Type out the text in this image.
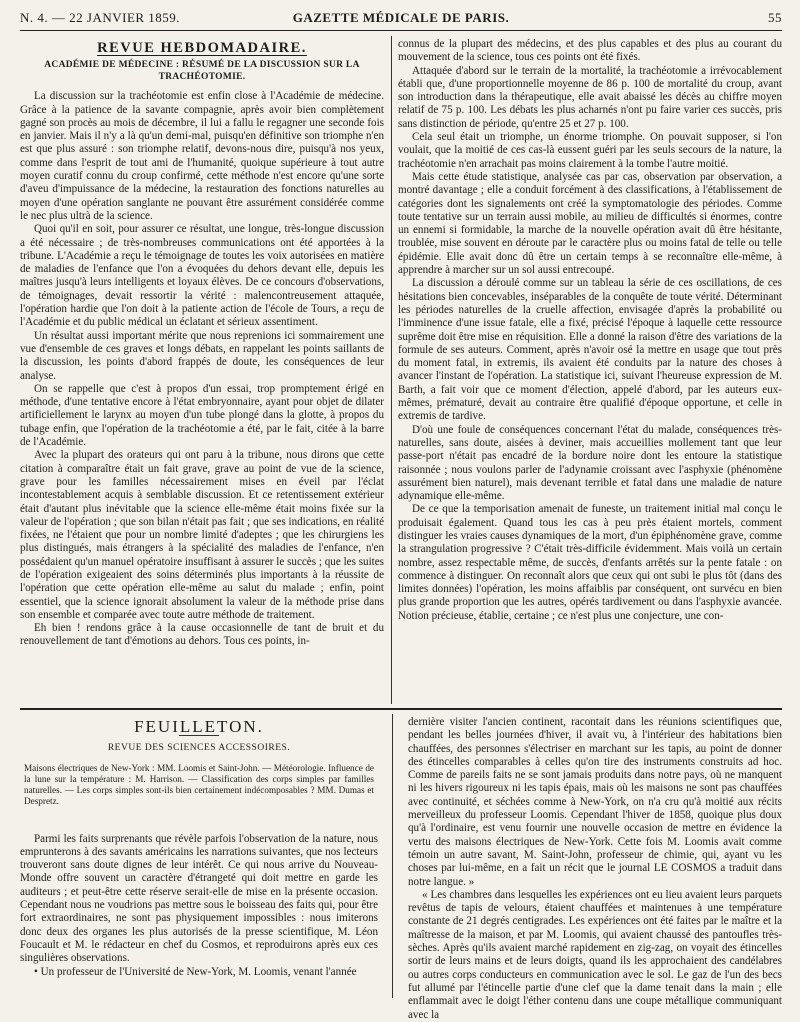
N. 4. — 22 JANVIER 1859.	GAZETTE MÉDICALE DE PARIS.	55
REVUE HEBDOMADAIRE.
ACADÉMIE DE MÉDECINE : RÉSUMÉ DE LA DISCUSSION SUR LA TRACHÉOTOMIE.

La discussion sur la trachéotomie est enfin close à l'Académie de médecine. Grâce à la patience de la savante compagnie, après avoir bien complètement gagné son procès au mois de décembre, il lui a fallu le regagner une seconde fois en janvier. Mais il n'y a là qu'un demi-mal, puisqu'en définitive son triomphe n'en est que plus assuré : son triomphe relatif, devons-nous dire, puisqu'à nos yeux, comme dans l'esprit de tout ami de l'humanité, quoique supérieure à tout autre moyen curatif connu du croup confirmé, cette méthode n'est encore qu'une sorte d'aveu d'impuissance de la médecine, la restauration des fonctions naturelles au moyen d'une opération sanglante ne pouvant être assurément considérée comme le nec plus ultrà de la science.

Quoi qu'il en soit, pour assurer ce résultat, une longue, très-longue discussion a été nécessaire ; de très-nombreuses communications ont été apportées à la tribune. L'Académie a reçu le témoignage de toutes les voix autorisées en matière de maladies de l'enfance que l'on a évoquées du dehors devant elle, depuis les maîtres jusqu'à leurs intelligents et loyaux élèves. De ce concours d'observations, de témoignages, devait ressortir la vérité : malencontreusement attaquée, l'opération hardie que l'on doit à la patiente action de l'école de Tours, a reçu de l'Académie et du public médical un éclatant et sérieux assentiment.

Un résultat aussi important mérite que nous reprenions ici sommairement une vue d'ensemble de ces graves et longs débats, en rappelant les points saillants de la discussion, les points d'abord frappés de doute, les conséquences de leur analyse.

On se rappelle que c'est à propos d'un essai, trop promptement érigé en méthode, d'une tentative encore à l'état embryonnaire, ayant pour objet de dilater artificiellement le larynx au moyen d'un tube plongé dans la glotte, à propos du tubage enfin, que l'opération de la trachéotomie a été, par le fait, citée à la barre de l'Académie.

Avec la plupart des orateurs qui ont paru à la tribune, nous dirons que cette citation à comparaître était un fait grave, grave au point de vue de la science, grave pour les familles nécessairement mises en éveil par l'éclat incontestablement acquis à semblable discussion. Et ce retentissement extérieur était d'autant plus inévitable que la science elle-même était moins fixée sur la valeur de l'opération ; que son bilan n'était pas fait ; que ses indications, en réalité fixées, ne l'étaient que pour un nombre limité d'adeptes ; que les chirurgiens les plus distingués, mais étrangers à la spécialité des maladies de l'enfance, n'en possédaient qu'un manuel opératoire insuffisant à assurer le succès ; que les suites de l'opération exigeaient des soins déterminés plus importants à la réussite de l'opération que cette opération elle-même au salut du malade ; enfin, point essentiel, que la science ignorait absolument la valeur de la méthode prise dans son ensemble et comparée avec toute autre méthode de traitement.

Eh bien ! rendons grâce à la cause occasionnelle de tant de bruit et du renouvellement de tant d'émotions au dehors. Tous ces points, in-

connus de la plupart des médecins, et des plus capables et des plus au courant du mouvement de la science, tous ces points ont été fixés.

Attaquée d'abord sur le terrain de la mortalité, la trachéotomie a irrévocablement établi que, d'une proportionnelle moyenne de 86 p. 100 de mortalité du croup, avant son introduction dans la thérapeutique, elle avait abaissé les décès au chiffre moyen relatif de 75 p. 100. Les débats les plus acharnés n'ont pu faire varier ces succès, pris sans distinction de période, qu'entre 25 et 27 p. 100.

Cela seul était un triomphe, un énorme triomphe. On pouvait supposer, si l'on voulait, que la moitié de ces cas-là eussent guéri par les seuls secours de la nature, la trachéotomie n'en arrachait pas moins clairement à la tombe l'autre moitié.

Mais cette étude statistique, analysée cas par cas, observation par observation, a montré davantage ; elle a conduit forcément à des classifications, à l'établissement de catégories dont les signalements ont créé la symptomatologie des périodes. Comme toute tentative sur un terrain aussi mobile, au milieu de difficultés si énormes, contre un ennemi si formidable, la marche de la nouvelle opération avait dû être hésitante, troublée, mise souvent en déroute par le caractère plus ou moins fatal de telle ou telle épidémie. Elle avait donc dû être un certain temps à se reconnaître elle-même, à apprendre à marcher sur un sol aussi entrecoupé.

La discussion a déroulé comme sur un tableau la série de ces oscillations, de ces hésitations bien concevables, inséparables de la conquête de toute vérité. Déterminant les périodes naturelles de la cruelle affection, envisagée d'après la probabilité ou l'imminence d'une issue fatale, elle a fixé, précisé l'époque à laquelle cette ressource suprême doit être mise en réquisition. Elle a donné la raison d'être des variations de la formule de ses auteurs. Comment, après n'avoir osé la mettre en usage que tout près du moment fatal, in extremis, ils avaient été conduits par la nature des choses à avancer l'instant de l'opération. La statistique ici, suivant l'heureuse expression de M. Barth, a fait voir que ce moment d'élection, appelé d'abord, par les auteurs eux-mêmes, prématuré, devait au contraire être qualifié d'époque opportune, et celle in extremis de tardive.

D'où une foule de conséquences concernant l'état du malade, conséquences très-naturelles, sans doute, aisées à deviner, mais accueillies mollement tant que leur passe-port n'était pas encadré de la bordure noire dont les entoure la statistique raisonnée ; nous voulons parler de l'adynamie croissant avec l'asphyxie (phénomène assurément bien naturel), mais devenant terrible et fatal dans une maladie de nature adynamique elle-même.

De ce que la temporisation amenait de funeste, un traitement initial mal conçu le produisait également. Quand tous les cas à peu près étaient mortels, comment distinguer les vraies causes dynamiques de la mort, d'un épiphénomène grave, comme la strangulation progressive ? C'était très-difficile évidemment. Mais voilà un certain nombre, assez respectable même, de succès, d'enfants arrêtés sur la pente fatale : on commence à distinguer. On reconnaît alors que ceux qui ont subi le plus tôt (dans des limites données) l'opération, les moins affaiblis par conséquent, ont survécu en bien plus grande proportion que les autres, opérés tardivement ou dans l'asphyxie avancée. Notion précieuse, établie, certaine ; ce n'est plus une conjecture, une con-

FEUILLETON.
REVUE DES SCIENCES ACCESSOIRES.
Maisons électriques de New-York : MM. Loomis et Saint-John. — Météorologie. Influence de la lune sur la température : M. Harrison. — Classification des corps simples par familles naturelles. — Les corps simples sont-ils bien certainement indécomposables ? MM. Dumas et Despretz.

Parmi les faits surprenants que révèle parfois l'observation de la nature, nous emprunterons à des savants américains les narrations suivantes, que nos lecteurs trouveront sans doute dignes de leur intérêt. Ce qui nous arrive du Nouveau-Monde offre souvent un caractère d'étrangeté qui doit mettre en garde les auditeurs ; et peut-être cette réserve serait-elle de mise en la présente occasion. Cependant nous ne voudrions pas mettre sous le boisseau des faits qui, pour être fort extraordinaires, ne sont pas physiquement impossibles : nous imiterons donc deux des organes les plus autorisés de la presse scientifique, M. Léon Foucault et M. le rédacteur en chef du Cosmos, et reproduirons après eux ces singulières observations.

• Un professeur de l'Université de New-York, M. Loomis, venant l'année

dernière visiter l'ancien continent, racontait dans les réunions scientifiques que, pendant les belles journées d'hiver, il avait vu, à l'intérieur des habitations bien chauffées, des personnes s'électriser en marchant sur les tapis, au point de donner des étincelles comparables à celles qu'on tire des instruments construits ad hoc. Comme de pareils faits ne se sont jamais produits dans notre pays, où ne manquent ni les hivers rigoureux ni les tapis épais, mais où les maisons ne sont pas chauffées avec continuité, et séchées comme à New-York, on n'a cru qu'à moitié aux récits merveilleux du professeur Loomis. Cependant l'hiver de 1858, quoique plus doux qu'à l'ordinaire, est venu fournir une nouvelle occasion de mettre en évidence la vertu des maisons électriques de New-York. Cette fois M. Loomis avait comme témoin un autre savant, M. Saint-John, professeur de chimie, qui, ayant vu les choses par lui-même, en a fait un récit que le journal LE COSMOS a traduit dans notre langue. »

« Les chambres dans lesquelles les expériences ont eu lieu avaient leurs parquets revêtus de tapis de velours, étaient chauffées et maintenues à une température constante de 21 degrés centigrades. Les expériences ont été faites par le maître et la maîtresse de la maison, et par M. Loomis, qui avaient chaussé des pantoufles très-sèches. Après qu'ils avaient marché rapidement en zig-zag, on voyait des étincelles sortir de leurs mains et de leurs doigts, quand ils les approchaient des candélabres ou autres corps conducteurs en communication avec le sol. Le gaz de l'un des becs fut allumé par l'étincelle partie d'une clef que la dame tenait dans la main ; elle enflammait avec le doigt l'éther contenu dans une coupe métallique communiquant avec la
